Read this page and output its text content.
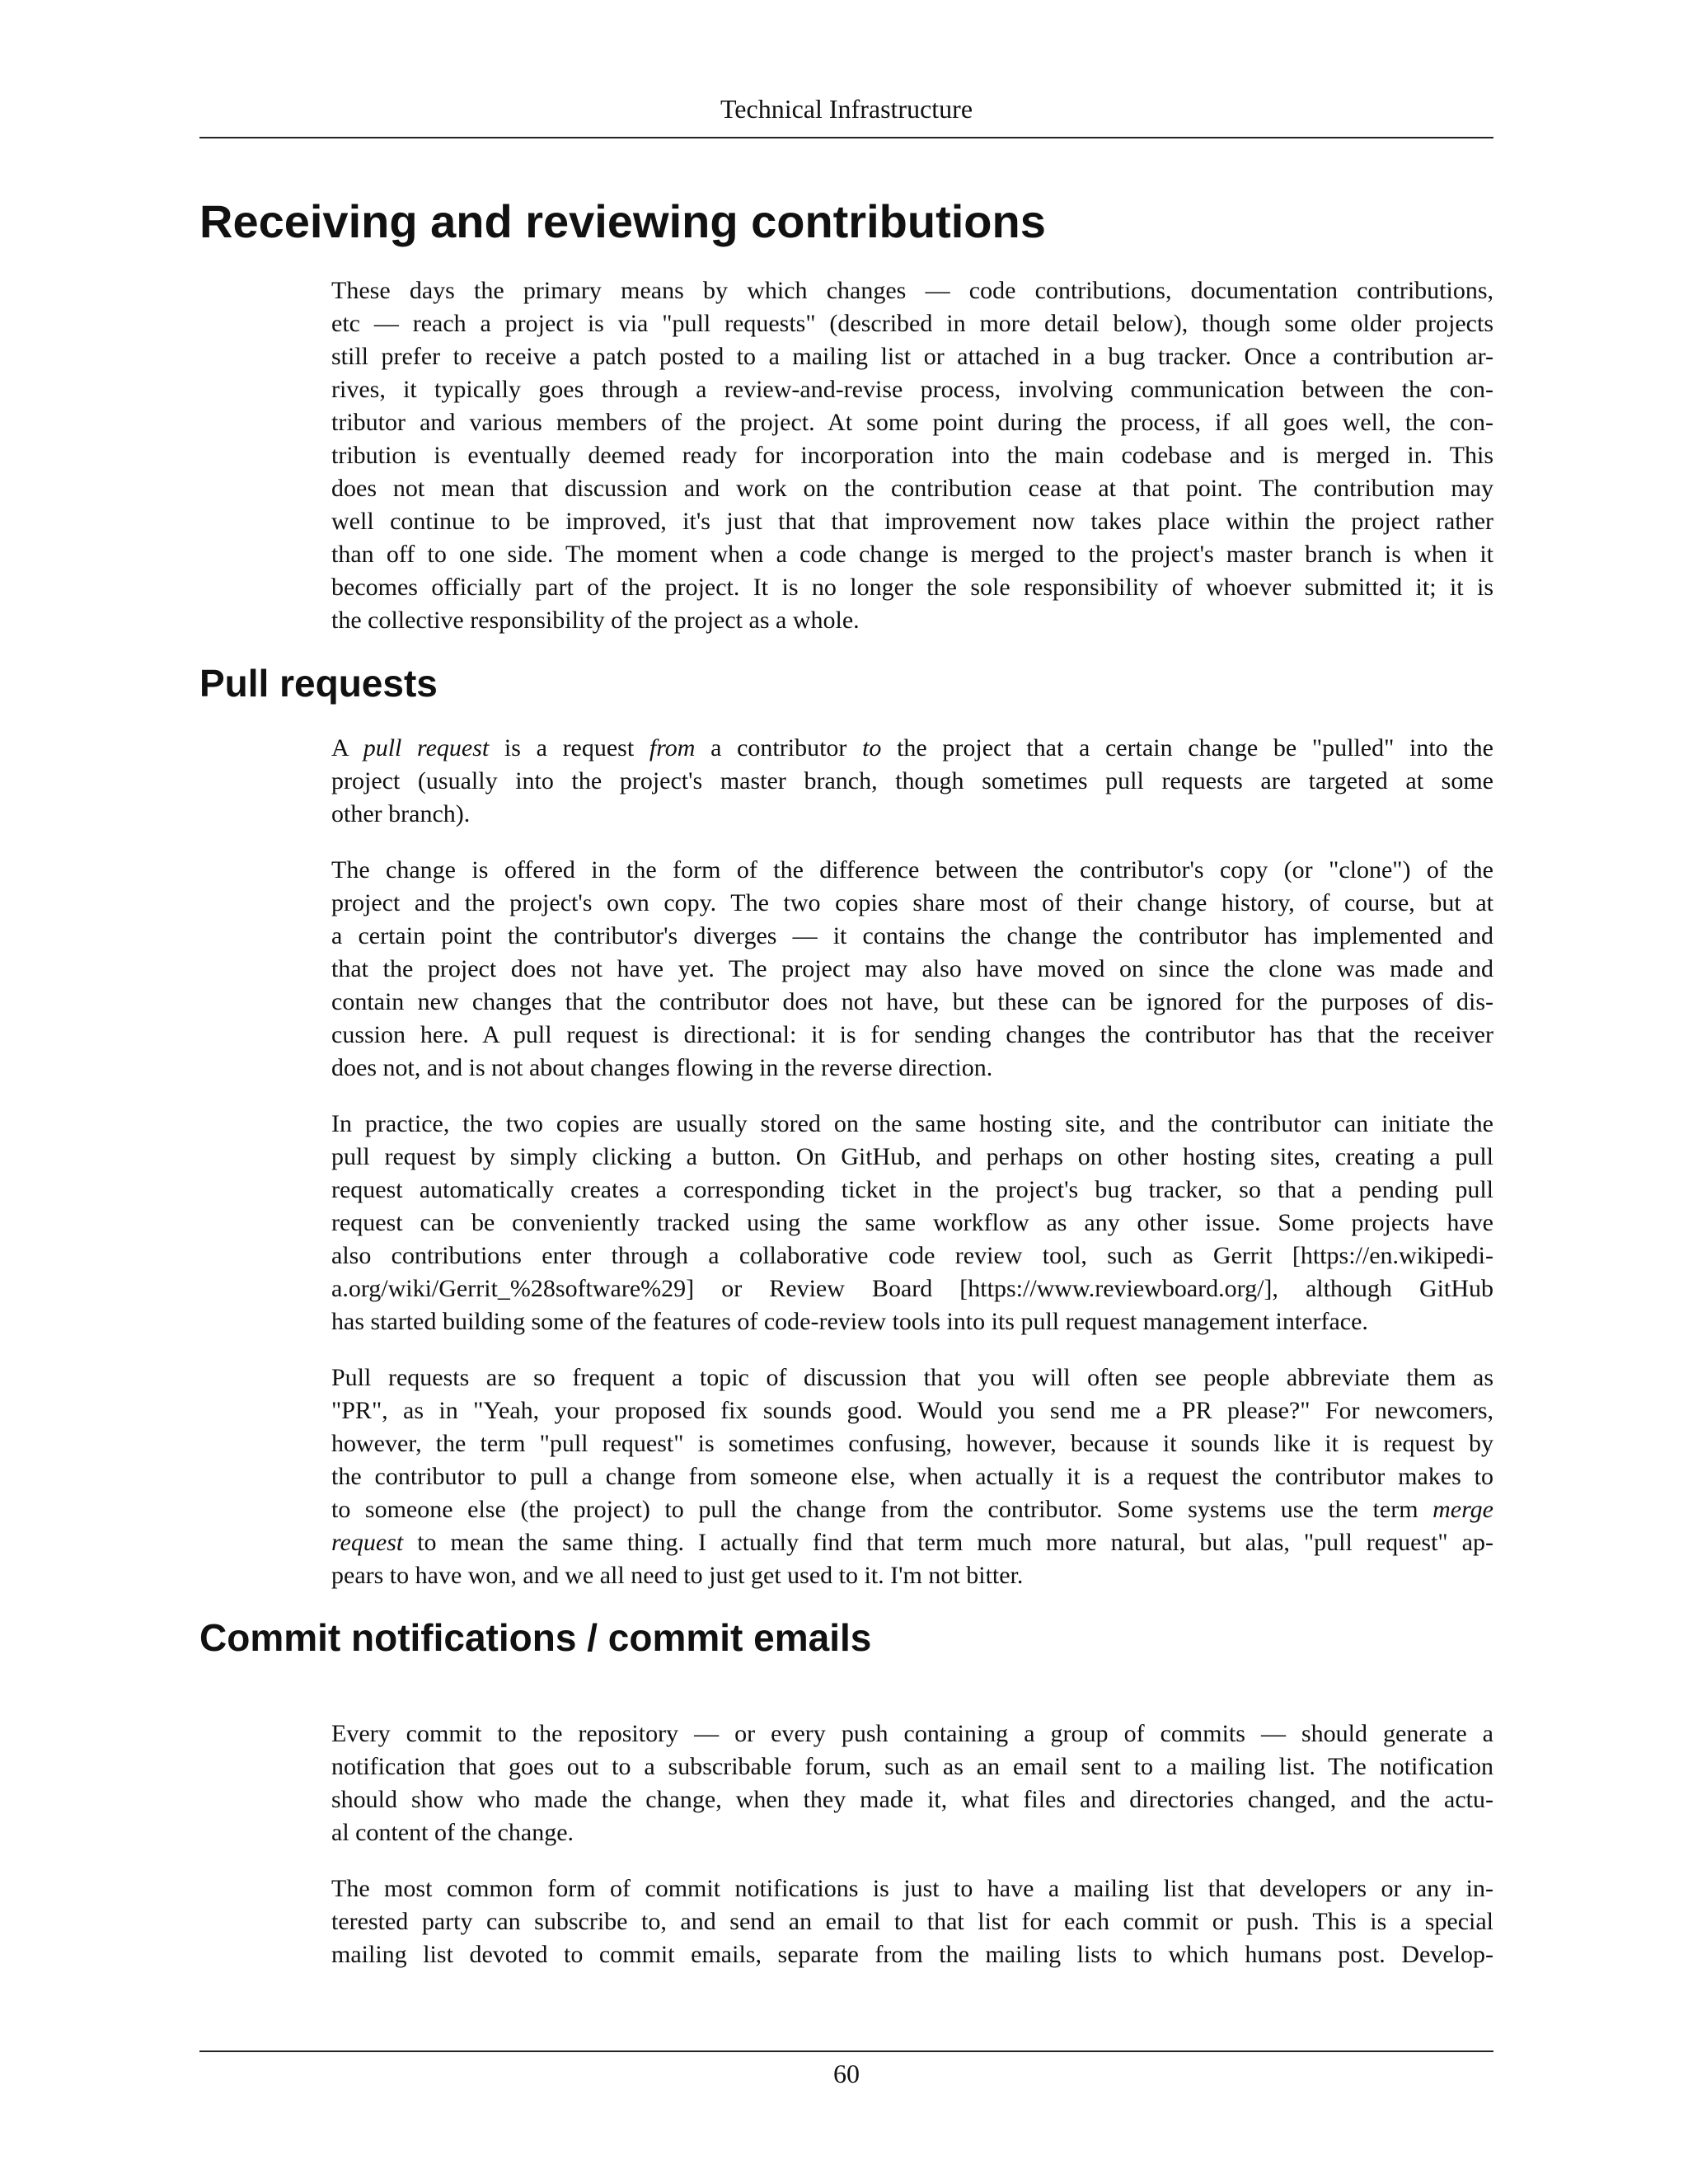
Technical Infrastructure
Receiving and reviewing contributions
These days the primary means by which changes — code contributions, documentation contributions,
etc — reach a project is via "pull requests" (described in more detail below), though some older projects
still prefer to receive a patch posted to a mailing list or attached in a bug tracker. Once a contribution ar-
rives, it typically goes through a review-and-revise process, involving communication between the con-
tributor and various members of the project. At some point during the process, if all goes well, the con-
tribution is eventually deemed ready for incorporation into the main codebase and is merged in. This
does not mean that discussion and work on the contribution cease at that point. The contribution may
well continue to be improved, it's just that that improvement now takes place within the project rather
than off to one side. The moment when a code change is merged to the project's master branch is when it
becomes officially part of the project. It is no longer the sole responsibility of whoever submitted it; it is
the collective responsibility of the project as a whole.
Pull requests
A pull request is a request from a contributor to the project that a certain change be "pulled" into the
project (usually into the project's master branch, though sometimes pull requests are targeted at some
other branch).
The change is offered in the form of the difference between the contributor's copy (or "clone") of the
project and the project's own copy. The two copies share most of their change history, of course, but at
a certain point the contributor's diverges — it contains the change the contributor has implemented and
that the project does not have yet. The project may also have moved on since the clone was made and
contain new changes that the contributor does not have, but these can be ignored for the purposes of dis-
cussion here. A pull request is directional: it is for sending changes the contributor has that the receiver
does not, and is not about changes flowing in the reverse direction.
In practice, the two copies are usually stored on the same hosting site, and the contributor can initiate the
pull request by simply clicking a button. On GitHub, and perhaps on other hosting sites, creating a pull
request automatically creates a corresponding ticket in the project's bug tracker, so that a pending pull
request can be conveniently tracked using the same workflow as any other issue. Some projects have
also contributions enter through a collaborative code review tool, such as Gerrit [https://en.wikipedi-
a.org/wiki/Gerrit_%28software%29] or Review Board [https://www.reviewboard.org/], although GitHub
has started building some of the features of code-review tools into its pull request management interface.
Pull requests are so frequent a topic of discussion that you will often see people abbreviate them as
"PR", as in "Yeah, your proposed fix sounds good. Would you send me a PR please?" For newcomers,
however, the term "pull request" is sometimes confusing, however, because it sounds like it is request by
the contributor to pull a change from someone else, when actually it is a request the contributor makes to
to someone else (the project) to pull the change from the contributor. Some systems use the term merge
request to mean the same thing. I actually find that term much more natural, but alas, "pull request" ap-
pears to have won, and we all need to just get used to it. I'm not bitter.
Commit notifications / commit emails
Every commit to the repository — or every push containing a group of commits — should generate a
notification that goes out to a subscribable forum, such as an email sent to a mailing list. The notification
should show who made the change, when they made it, what files and directories changed, and the actu-
al content of the change.
The most common form of commit notifications is just to have a mailing list that developers or any in-
terested party can subscribe to, and send an email to that list for each commit or push. This is a special
mailing list devoted to commit emails, separate from the mailing lists to which humans post. Develop-
60
